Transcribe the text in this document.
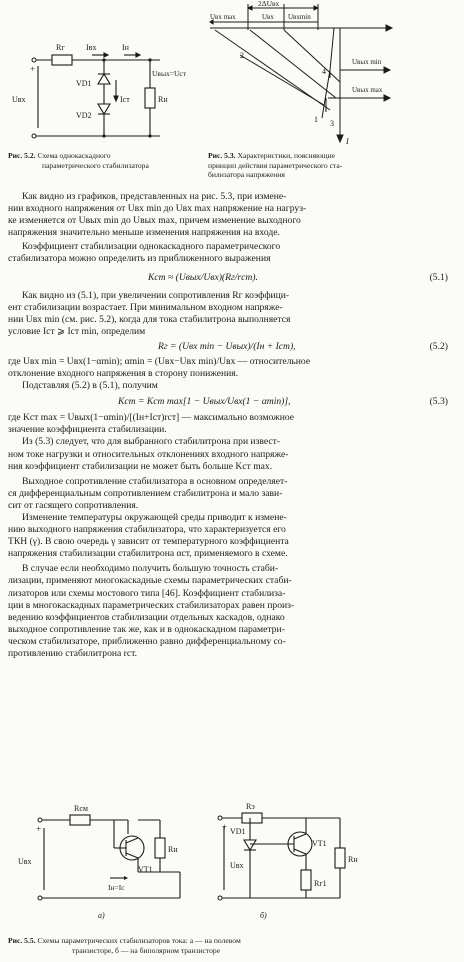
+
Rг	Iвх	Iн
VD1
VD2
Iст	Rн
Uвых=Uст
Uвх
Рис. 5.2. Схема однокаскадного
параметрического стабилизатора
2ΔUвх
Uвх max	Uвх Uвхmin
Uвых min
Uвых max
2
4
1 3
I
Рис. 5.3. Характеристики, поясняющие
принцип действия параметрического ста-
билизатора напряжения
Как видно из графиков, представленных на рис. 5.3, при измене-
нии входного напряжения от Uвх min до Uвх max напряжение на нагруз-
ке изменяется от Uвых min до Uвых max, причем изменение выходного
напряжения значительно меньше изменения напряжения на входе.
Коэффициент стабилизации однокаскадного параметрического
стабилизатора можно определить из приближенного выражения
Kст ≈ (Uвых/Uвх)(Rг/rст).	(5.1)
Как видно из (5.1), при увеличении сопротивления Rг коэффици-
ент стабилизации возрастает. При минимальном входном напряже-
нии Uвх min (см. рис. 5.2), когда для тока стабилитрона выполняется
условие Iст ⩾ Iст min, определим
Rг = (Uвх min − Uвых)/(Iн + Iст),	(5.2)
где Uвх min = Uвх(1−αmin); αmin = (Uвх−Uвх min)/Uвх — относительное
отклонение входного напряжения в сторону понижения.
Подставляя (5.2) в (5.1), получим
Kст = Kст max[1 − Uвых/Uвх(1 − αmin)],	(5.3)
где Kст max = Uвых(1−αmin)/[(Iн+Iст)rст] — максимально возможное
значение коэффициента стабилизации.
Из (5.3) следует, что для выбранного стабилитрона при извест-
ном токе нагрузки и относительных отклонениях входного напряже-
ния коэффициент стабилизации не может быть больше Kст max.
Выходное сопротивление стабилизатора в основном определяет-
ся дифференциальным сопротивлением стабилитрона и мало зави-
сит от гасящего сопротивления.
Изменение температуры окружающей среды приводит к измене-
нию выходного напряжения стабилизатора, что характеризуется его
ТКН (γ). В свою очередь γ зависит от температурного коэффициента
напряжения стабилизации стабилитрона αст, применяемого в схеме.
В случае если необходимо получить большую точность стаби-
лизации, применяют многокаскадные схемы параметрических стаби-
лизаторов или схемы мостового типа [46]. Коэффициент стабилиза-
ции в многокаскадных параметрических стабилизаторах равен произ-
ведению коэффициентов стабилизации отдельных каскадов, однако
выходное сопротивление так же, как и в однокаскадном параметри-
ческом стабилизаторе, приближенно равно дифференциальному со-
противлению стабилитрона rст.
+
Rсм
VT1
Rн
Uвх
Iн=Iс
а)
+
Rэ
VD1
VT1
Rн
Rг1
Uвх
б)
Рис. 5.5. Схемы параметрических стабилизаторов тока: а — на полевом
транзисторе, б — на биполярном транзисторе
